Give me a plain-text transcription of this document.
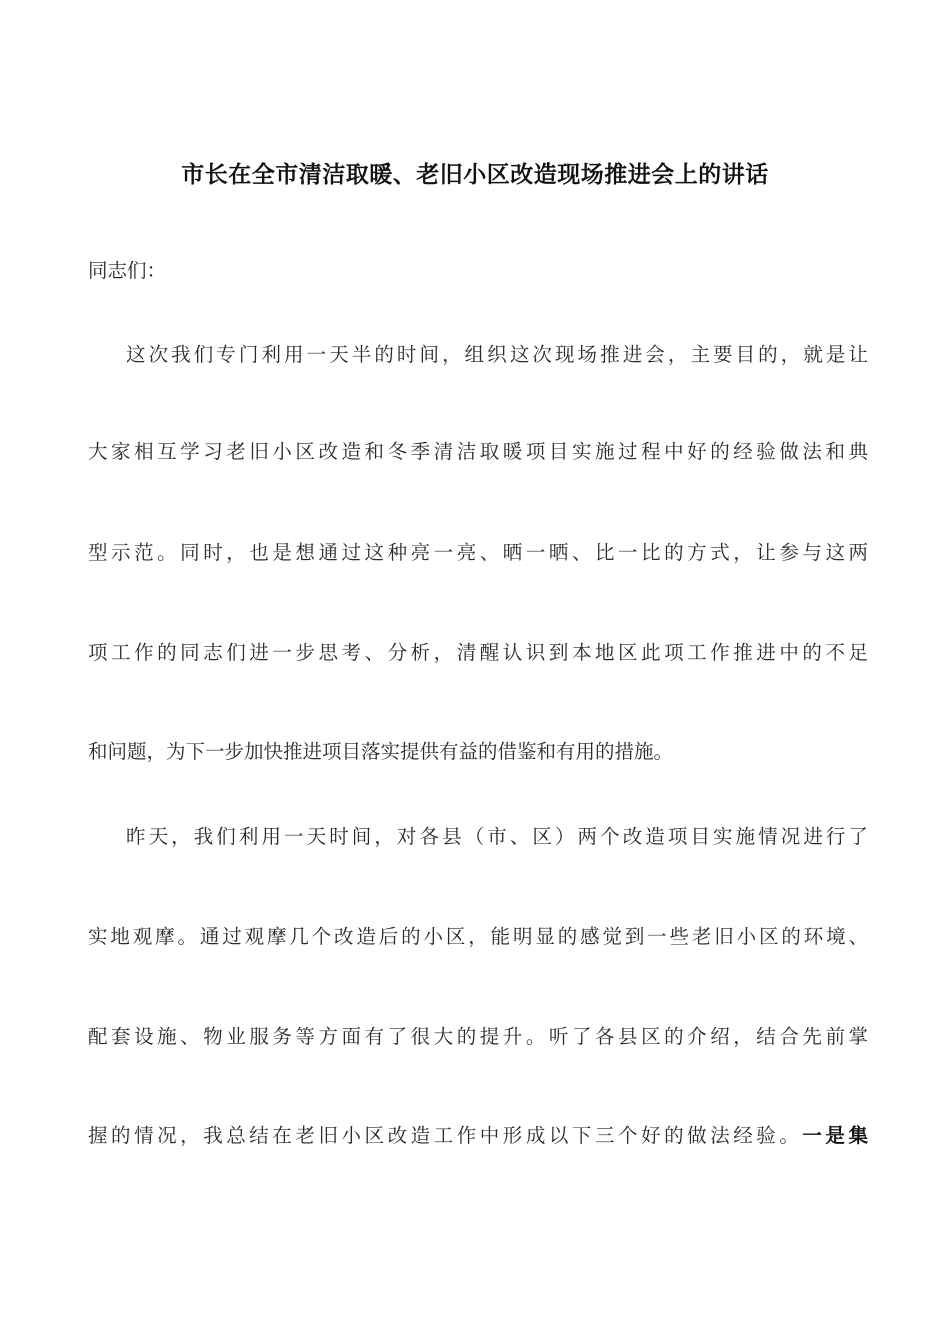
市长在全市清洁取暖、老旧小区改造现场推进会上的讲话
同志们：
这次我们专门利用一天半的时间，组织这次现场推进会，主要目的，就是让
大家相互学习老旧小区改造和冬季清洁取暖项目实施过程中好的经验做法和典
型示范。同时，也是想通过这种亮一亮、晒一晒、比一比的方式，让参与这两
项工作的同志们进一步思考、分析，清醒认识到本地区此项工作推进中的不足
和问题，为下一步加快推进项目落实提供有益的借鉴和有用的措施。
昨天，我们利用一天时间，对各县（市、区）两个改造项目实施情况进行了
实地观摩。通过观摩几个改造后的小区，能明显的感觉到一些老旧小区的环境、
配套设施、物业服务等方面有了很大的提升。听了各县区的介绍，结合先前掌
握的情况，我总结在老旧小区改造工作中形成以下三个好的做法经验。一是集
